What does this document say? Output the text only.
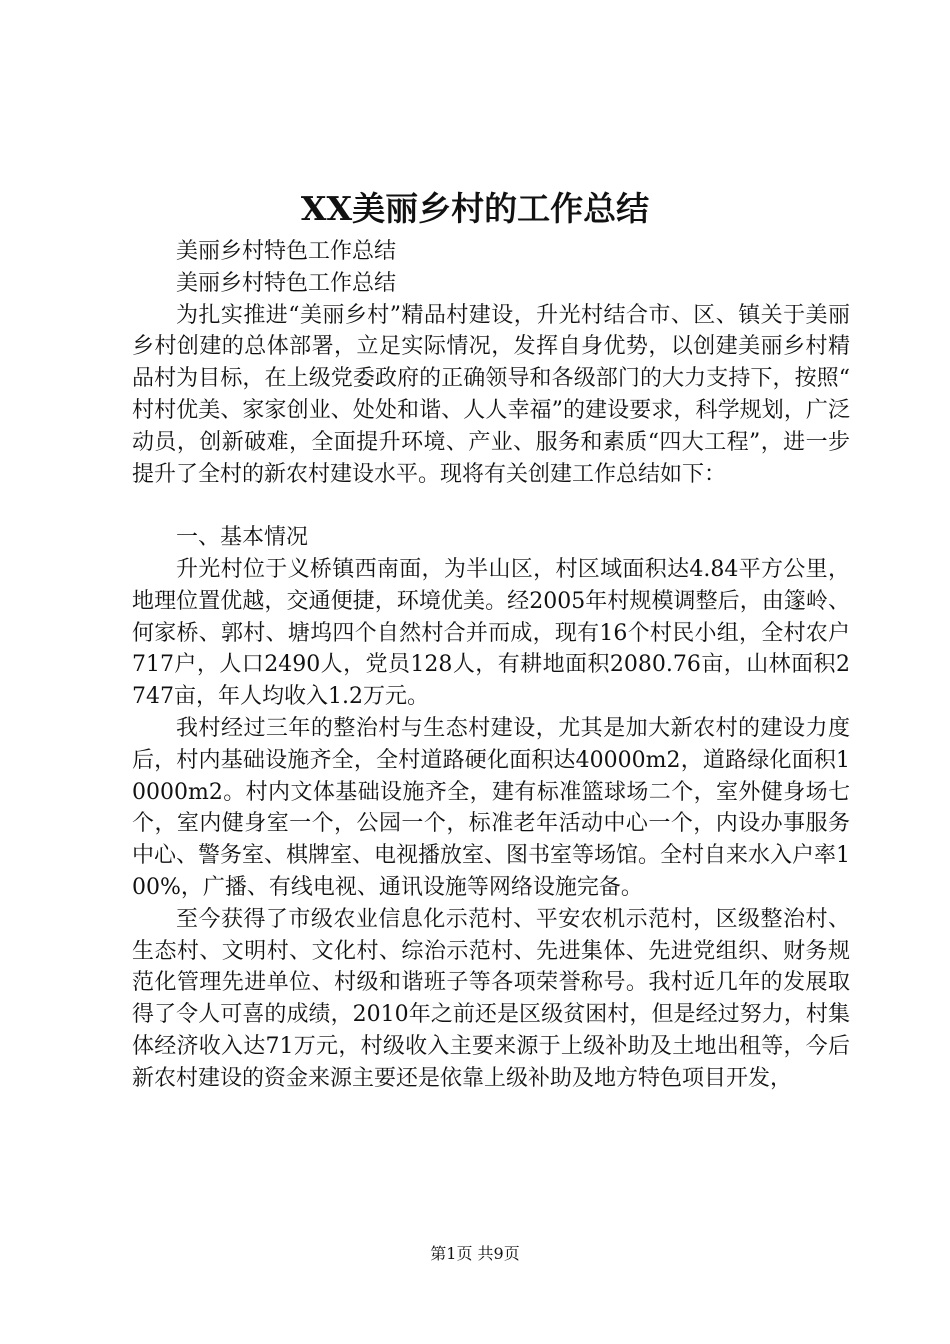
XX美丽乡村的工作总结

美丽乡村特色工作总结

美丽乡村特色工作总结

为扎实推进“美丽乡村”精品村建设，升光村结合市、区、镇关于美丽乡村创建的总体部署，立足实际情况，发挥自身优势，以创建美丽乡村精品村为目标，在上级党委政府的正确领导和各级部门的大力支持下，按照“村村优美、家家创业、处处和谐、人人幸福”的建设要求，科学规划，广泛动员，创新破难，全面提升环境、产业、服务和素质“四大工程”，进一步提升了全村的新农村建设水平。现将有关创建工作总结如下：

一、基本情况

升光村位于义桥镇西南面，为半山区，村区域面积达4.84平方公里，地理位置优越，交通便捷，环境优美。经2005年村规模调整后，由篴岭、何家桥、郭村、塘坞四个自然村合并而成，现有16个村民小组，全村农户717户，人口2490人，党员128人，有耕地面积2080.76亩，山林面积2747亩，年人均收入1.2万元。

我村经过三年的整治村与生态村建设，尤其是加大新农村的建设力度后，村内基础设施齐全，全村道路硬化面积达40000m2，道路绿化面积10000m2。村内文体基础设施齐全，建有标准篮球场二个，室外健身场七个，室内健身室一个，公园一个，标准老年活动中心一个，内设办事服务中心、警务室、棋牌室、电视播放室、图书室等场馆。全村自来水入户率100%，广播、有线电视、通讯设施等网络设施完备。

至今获得了市级农业信息化示范村、平安农机示范村，区级整治村、生态村、文明村、文化村、综治示范村、先进集体、先进党组织、财务规范化管理先进单位、村级和谐班子等各项荣誉称号。我村近几年的发展取得了令人可喜的成绩，2010年之前还是区级贫困村，但是经过努力，村集体经济收入达71万元，村级收入主要来源于上级补助及土地出租等，今后新农村建设的资金来源主要还是依靠上级补助及地方特色项目开发，

第1页 共9页
